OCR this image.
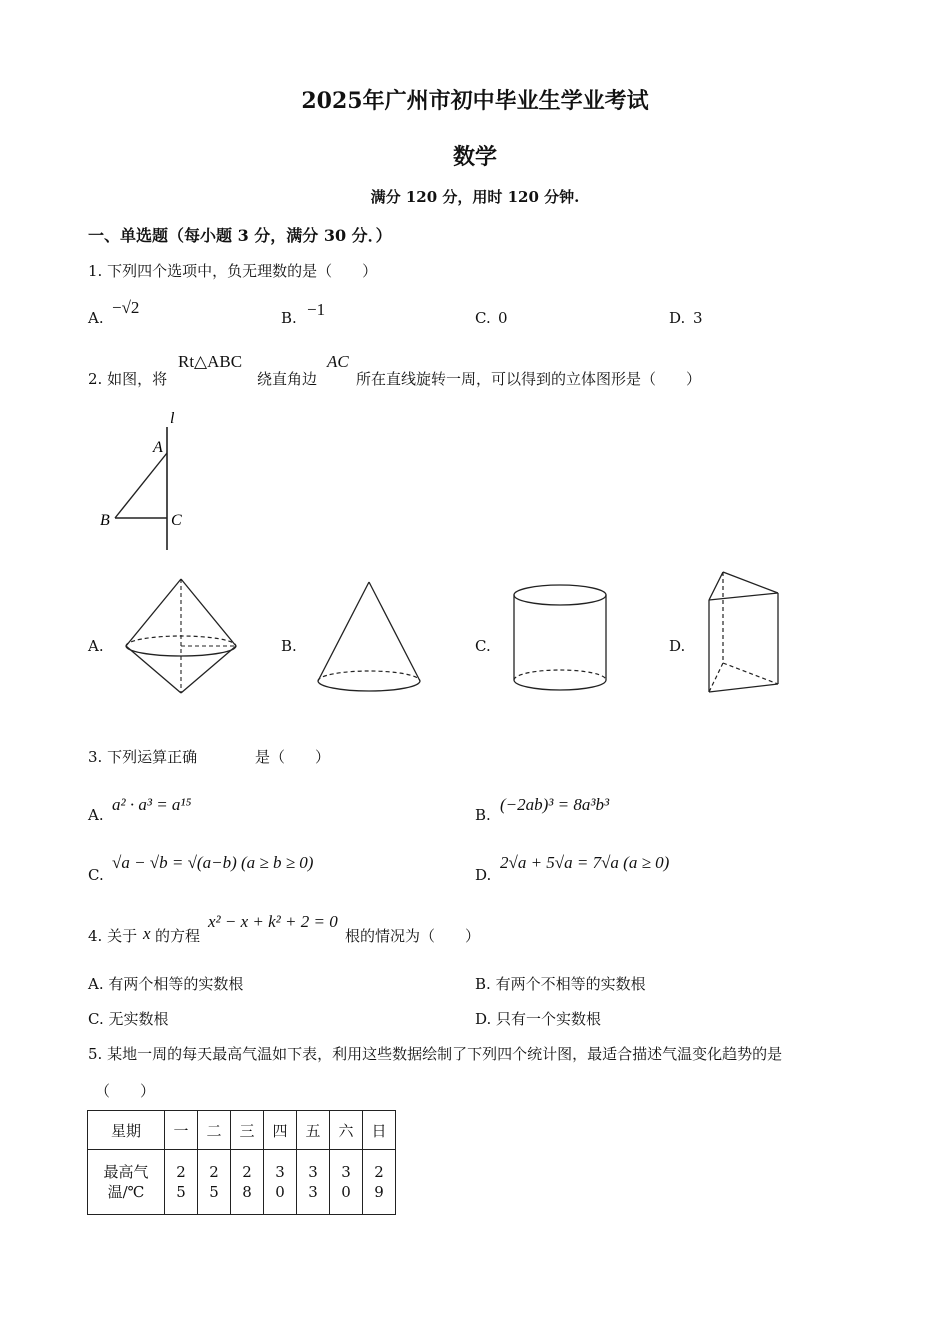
2025年广州市初中毕业生学业考试
数学
满分 120 分，用时 120 分钟.
一、单选题（每小题 3 分，满分 30 分．）
1. 下列四个选项中，负无理数的是（　　）
A.
−√2
B. −1	C. 0	D. 3
2. 如图，将
Rt△ABC
绕直角边
AC
所在直线旋转一周，可以得到的立体图形是（　　）
l
A
B	C
A.	B.	C.	D.
3. 下列运算正确	是（　　）
A.
a² · a³ = a¹⁵
B.
(−2ab)³ = 8a³b³
C.
√a − √b = √(a−b) (a ≥ b ≥ 0)
D.
2√a + 5√a = 7√a (a ≥ 0)
4. 关于 x 的方程
x² − x + k² + 2 = 0
根的情况为（　　）
A. 有两个相等的实数根	B. 有两个不相等的实数根
C. 无实数根	D. 只有一个实数根
5. 某地一周的每天最高气温如下表，利用这些数据绘制了下列四个统计图，最适合描述气温变化趋势的是
（　　）
星期	一	二	三	四	五	六	日

最高气温/℃	25	25	28	30	33	30	29
